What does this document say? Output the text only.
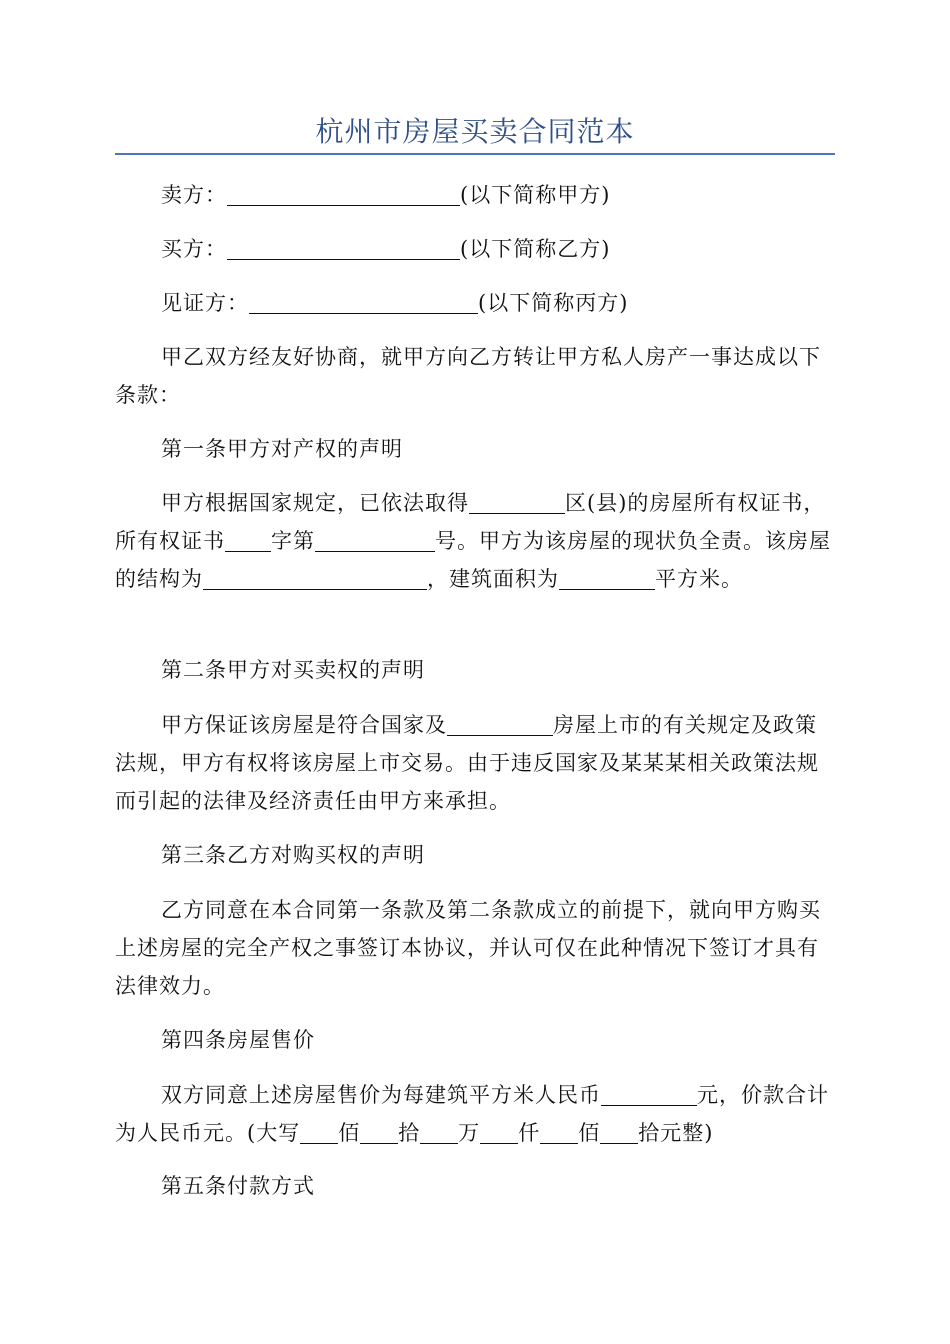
杭州市房屋买卖合同范本

卖方：	(以下简称甲方)

买方：	(以下简称乙方)

见证方：	(以下简称丙方)

甲乙双方经友好协商，就甲方向乙方转让甲方私人房产一事达成以下条款：

第一条甲方对产权的声明

甲方根据国家规定，已依法取得	区(县)的房屋所有权证书，所有权证书 字第	号。甲方为该房屋的现状负全责。该房屋的结构为	，建筑面积为	平方米。

第二条甲方对买卖权的声明

甲方保证该房屋是符合国家及	房屋上市的有关规定及政策法规，甲方有权将该房屋上市交易。由于违反国家及某某某相关政策法规而引起的法律及经济责任由甲方来承担。

第三条乙方对购买权的声明

乙方同意在本合同第一条款及第二条款成立的前提下，就向甲方购买上述房屋的完全产权之事签订本协议，并认可仅在此种情况下签订才具有法律效力。

第四条房屋售价

双方同意上述房屋售价为每建筑平方米人民币	元，价款合计为人民币元。(大写 佰 拾 万 仟 佰 拾元整)

第五条付款方式
